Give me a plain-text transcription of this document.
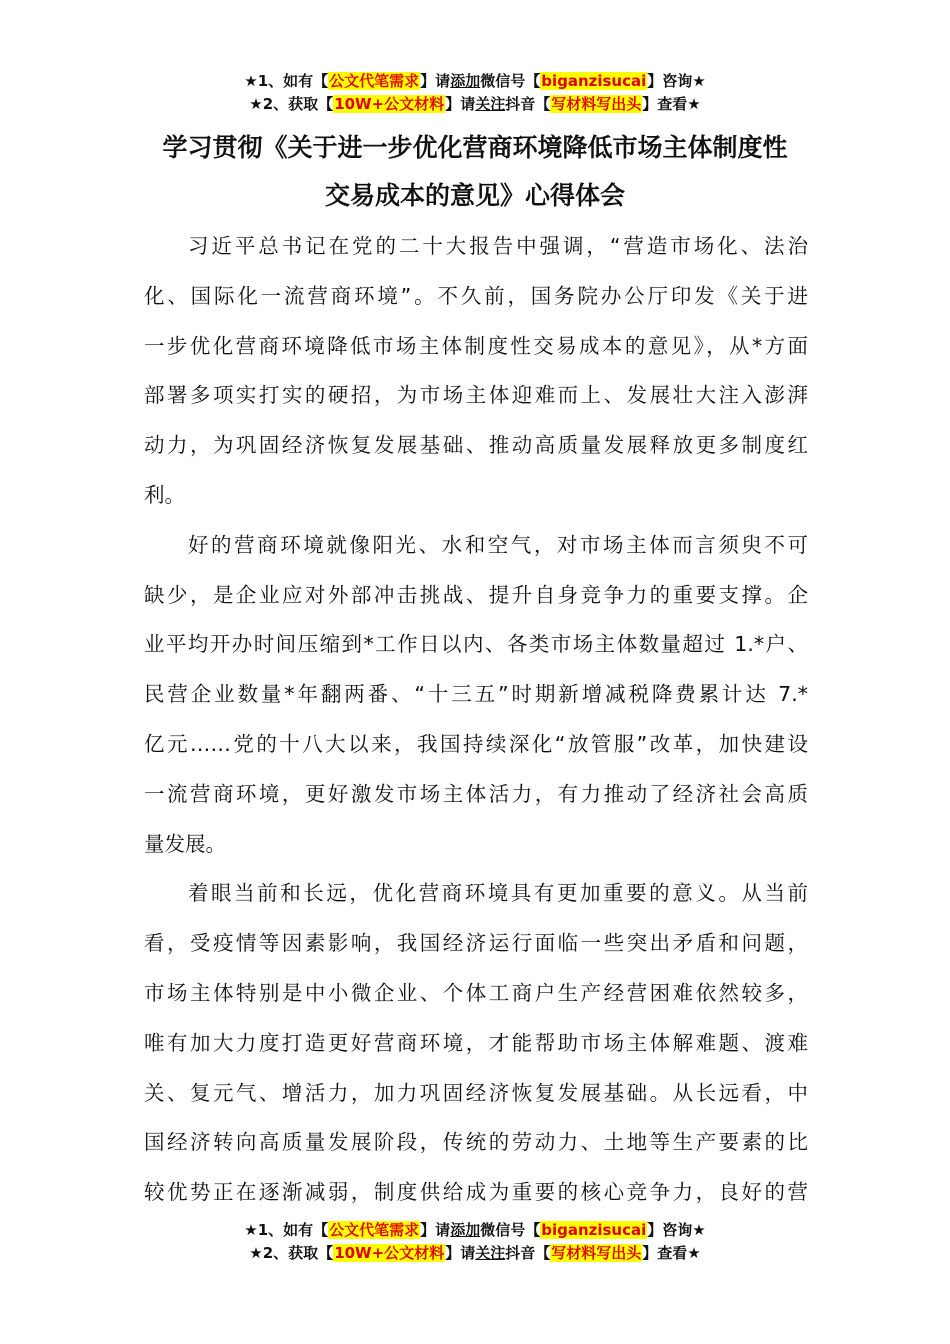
★1、如有【公文代笔需求】请添加微信号【biganzisucai】咨询★
★2、获取【10W+公文材料】请关注抖音【写材料写出头】查看★
学习贯彻《关于进一步优化营商环境降低市场主体制度性
交易成本的意见》心得体会
习近平总书记在党的二十大报告中强调，“营造市场化、法治
化、国际化一流营商环境”。不久前，国务院办公厅印发《关于进
一步优化营商环境降低市场主体制度性交易成本的意见》，从*方面
部署多项实打实的硬招，为市场主体迎难而上、发展壮大注入澎湃
动力，为巩固经济恢复发展基础、推动高质量发展释放更多制度红
利。
好的营商环境就像阳光、水和空气，对市场主体而言须臾不可
缺少，是企业应对外部冲击挑战、提升自身竞争力的重要支撑。企
业平均开办时间压缩到*工作日以内、各类市场主体数量超过 1.*户、
民营企业数量*年翻两番、“十三五”时期新增减税降费累计达 7.*
亿元……党的十八大以来，我国持续深化“放管服”改革，加快建设
一流营商环境，更好激发市场主体活力，有力推动了经济社会高质
量发展。
着眼当前和长远，优化营商环境具有更加重要的意义。从当前
看，受疫情等因素影响，我国经济运行面临一些突出矛盾和问题，
市场主体特别是中小微企业、个体工商户生产经营困难依然较多，
唯有加大力度打造更好营商环境，才能帮助市场主体解难题、渡难
关、复元气、增活力，加力巩固经济恢复发展基础。从长远看，中
国经济转向高质量发展阶段，传统的劳动力、土地等生产要素的比
较优势正在逐渐减弱，制度供给成为重要的核心竞争力，良好的营
★1、如有【公文代笔需求】请添加微信号【biganzisucai】咨询★
★2、获取【10W+公文材料】请关注抖音【写材料写出头】查看★
